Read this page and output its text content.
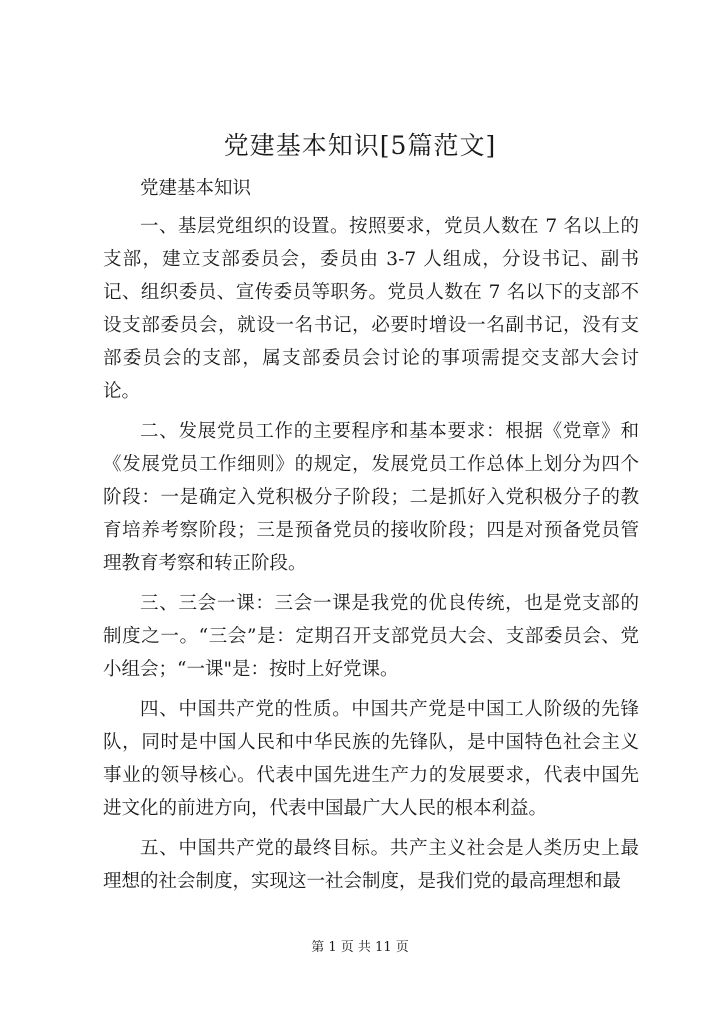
党建基本知识[5篇范文]

党建基本知识

一、基层党组织的设置。按照要求，党员人数在 7 名以上的支部，建立支部委员会，委员由 3-7 人组成，分设书记、副书记、组织委员、宣传委员等职务。党员人数在 7 名以下的支部不设支部委员会，就设一名书记，必要时增设一名副书记，没有支部委员会的支部，属支部委员会讨论的事项需提交支部大会讨论。

二、发展党员工作的主要程序和基本要求：根据《党章》和《发展党员工作细则》的规定，发展党员工作总体上划分为四个阶段：一是确定入党积极分子阶段；二是抓好入党积极分子的教育培养考察阶段；三是预备党员的接收阶段；四是对预备党员管理教育考察和转正阶段。

三、三会一课：三会一课是我党的优良传统，也是党支部的制度之一。“三会”是：定期召开支部党员大会、支部委员会、党小组会；“一课"是：按时上好党课。

四、中国共产党的性质。中国共产党是中国工人阶级的先锋队，同时是中国人民和中华民族的先锋队，是中国特色社会主义事业的领导核心。代表中国先进生产力的发展要求，代表中国先进文化的前进方向，代表中国最广大人民的根本利益。

五、中国共产党的最终目标。共产主义社会是人类历史上最理想的社会制度，实现这一社会制度，是我们党的最高理想和最

第 1 页 共 11 页
